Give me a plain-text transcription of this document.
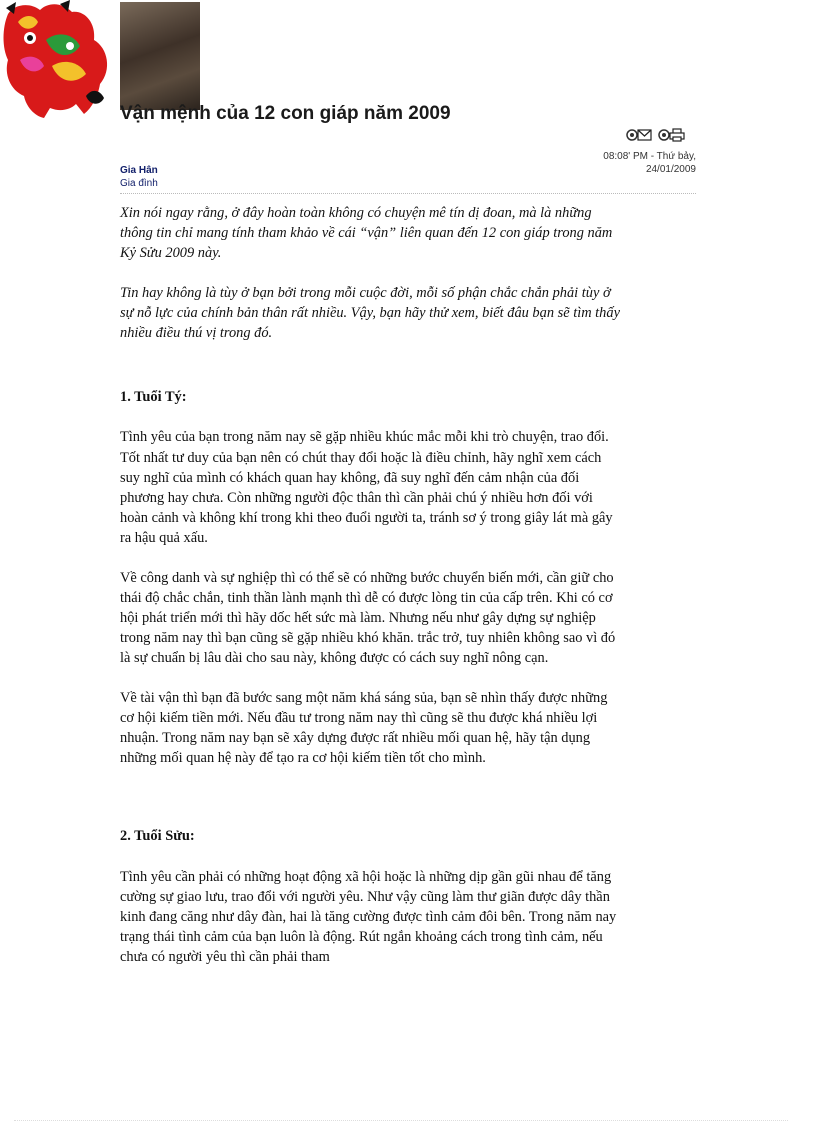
Vận mệnh của 12 con giáp năm 2009
08:08' PM - Thứ bảy, 24/01/2009
Gia Hân
Gia đình

Xin nói ngay rằng, ở đây hoàn toàn không có chuyện mê tín dị đoan, mà là những thông tin chỉ mang tính tham khảo về cái “vận” liên quan đến 12 con giáp trong năm Kỷ Sửu 2009 này.

Tin hay không là tùy ở bạn bởi trong mỗi cuộc đời, mỗi số phận chắc chắn phải tùy ở sự nỗ lực của chính bản thân rất nhiều. Vậy, bạn hãy thử xem, biết đâu bạn sẽ tìm thấy nhiều điều thú vị trong đó.

1. Tuổi Tý:

Tình yêu của bạn trong năm nay sẽ gặp nhiều khúc mắc mỗi khi trò chuyện, trao đổi. Tốt nhất tư duy của bạn nên có chút thay đổi hoặc là điều chỉnh, hãy nghĩ xem cách suy nghĩ của mình có khách quan hay không, đã suy nghĩ đến cảm nhận của đối phương hay chưa. Còn những người độc thân thì cần phải chú ý nhiều hơn đối với hoàn cảnh và không khí trong khi theo đuổi người ta, tránh sơ ý trong giây lát mà gây ra hậu quả xấu.

Về công danh và sự nghiệp thì có thể sẽ có những bước chuyển biến mới, cần giữ cho thái độ chắc chắn, tinh thần lành mạnh thì dễ có được lòng tin của cấp trên. Khi có cơ hội phát triển mới thì hãy dốc hết sức mà làm. Nhưng nếu như gây dựng sự nghiệp trong năm nay thì bạn cũng sẽ gặp nhiều khó khăn. trắc trở, tuy nhiên không sao vì đó là sự chuẩn bị lâu dài cho sau này, không được có cách suy nghĩ nông cạn.

Về tài vận thì bạn đã bước sang một năm khá sáng sủa, bạn sẽ nhìn thấy được những cơ hội kiếm tiền mới. Nếu đầu tư trong năm nay thì cũng sẽ thu được khá nhiều lợi nhuận. Trong năm nay bạn sẽ xây dựng được rất nhiều mối quan hệ, hãy tận dụng những mối quan hệ này để tạo ra cơ hội kiếm tiền tốt cho mình.

2. Tuổi Sửu:

Tình yêu cần phải có những hoạt động xã hội hoặc là những dịp gần gũi nhau để tăng cường sự giao lưu, trao đổi với người yêu. Như vậy cũng làm thư giãn được dây thần kinh đang căng như dây đàn, hai là tăng cường được tình cảm đôi bên. Trong năm nay trạng thái tình cảm của bạn luôn là động. Rút ngắn khoảng cách trong tình cảm, nếu chưa có người yêu thì cần phải tham
